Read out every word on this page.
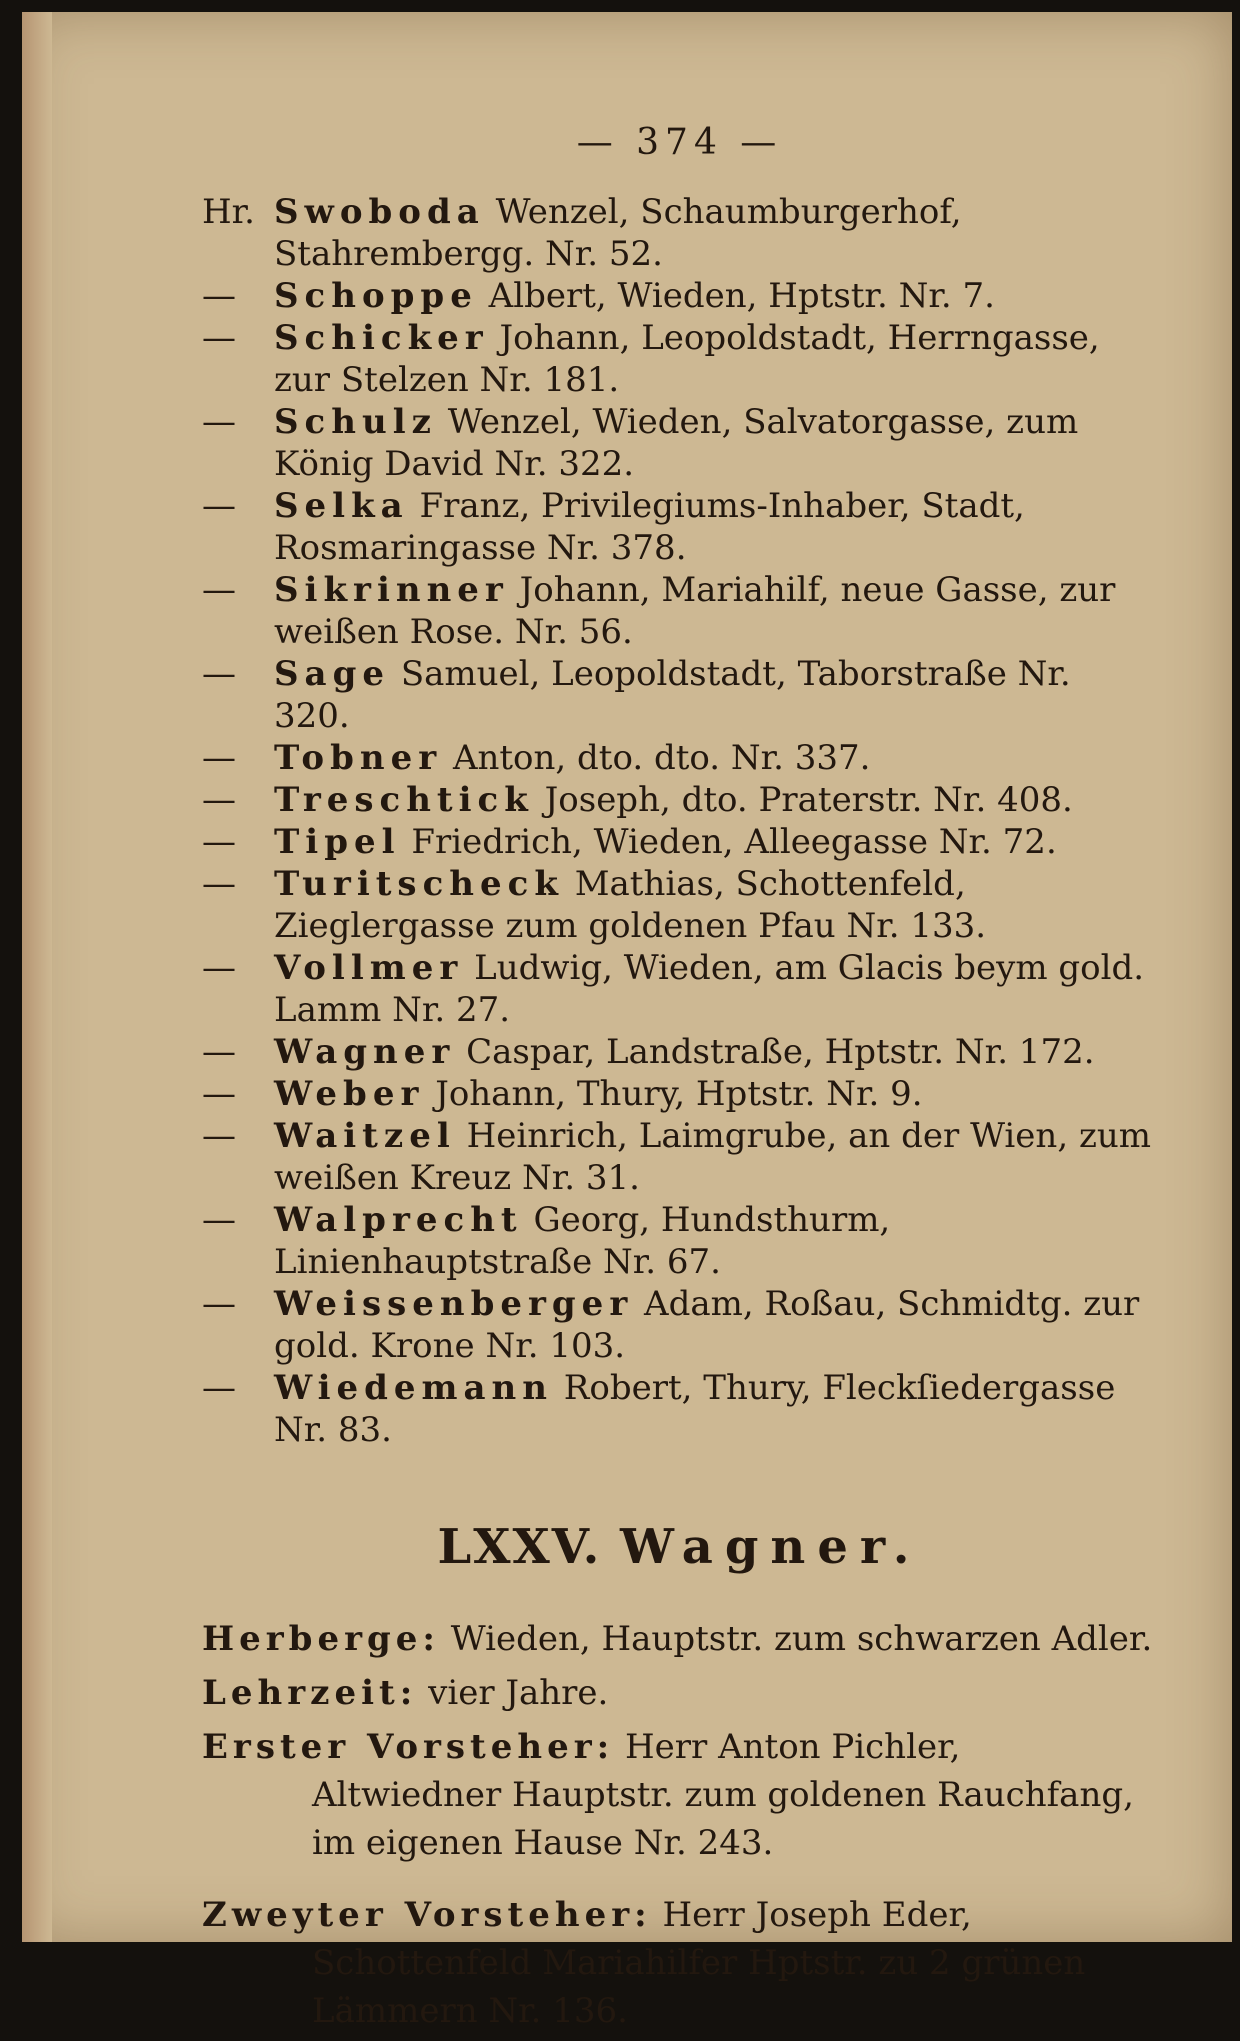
— 374 —

Hr. Swoboda Wenzel, Schaumburgerhof, Stahrembergg. Nr. 52.

— Schoppe Albert, Wieden, Hptstr. Nr. 7.

— Schicker Johann, Leopoldstadt, Herrngasse, zur Stelzen Nr. 181.

— Schulz Wenzel, Wieden, Salvatorgasse, zum König David Nr. 322.

— Selka Franz, Privilegiums-Inhaber, Stadt, Rosmaringasse Nr. 378.

— Sikrinner Johann, Mariahilf, neue Gasse, zur weißen Rose. Nr. 56.

— Sage Samuel, Leopoldstadt, Taborstraße Nr. 320.

— Tobner Anton, dto. dto. Nr. 337.

— Treschtick Joseph, dto. Praterstr. Nr. 408.

— Tipel Friedrich, Wieden, Alleegasse Nr. 72.

— Turitscheck Mathias, Schottenfeld, Zieglergasse zum goldenen Pfau Nr. 133.

— Vollmer Ludwig, Wieden, am Glacis beym gold. Lamm Nr. 27.

— Wagner Caspar, Landstraße, Hptstr. Nr. 172.

— Weber Johann, Thury, Hptstr. Nr. 9.

— Waitzel Heinrich, Laimgrube, an der Wien, zum weißen Kreuz Nr. 31.

— Walprecht Georg, Hundsthurm, Linienhauptstraße Nr. 67.

— Weissenberger Adam, Roßau, Schmidtg. zur gold. Krone Nr. 103.

— Wiedemann Robert, Thury, Fleckſiedergasse Nr. 83.

LXXV. Wagner.

Herberge: Wieden, Hauptstr. zum schwarzen Adler.

Lehrzeit: vier Jahre.

Erster Vorsteher: Herr Anton Pichler, Altwiedner Hauptstr. zum goldenen Rauchfang, im eigenen Hause Nr. 243.

Zweyter Vorsteher: Herr Joseph Eder, Schottenfeld Mariahilfer Hptstr. zu 2 grünen Lämmern Nr. 136.
